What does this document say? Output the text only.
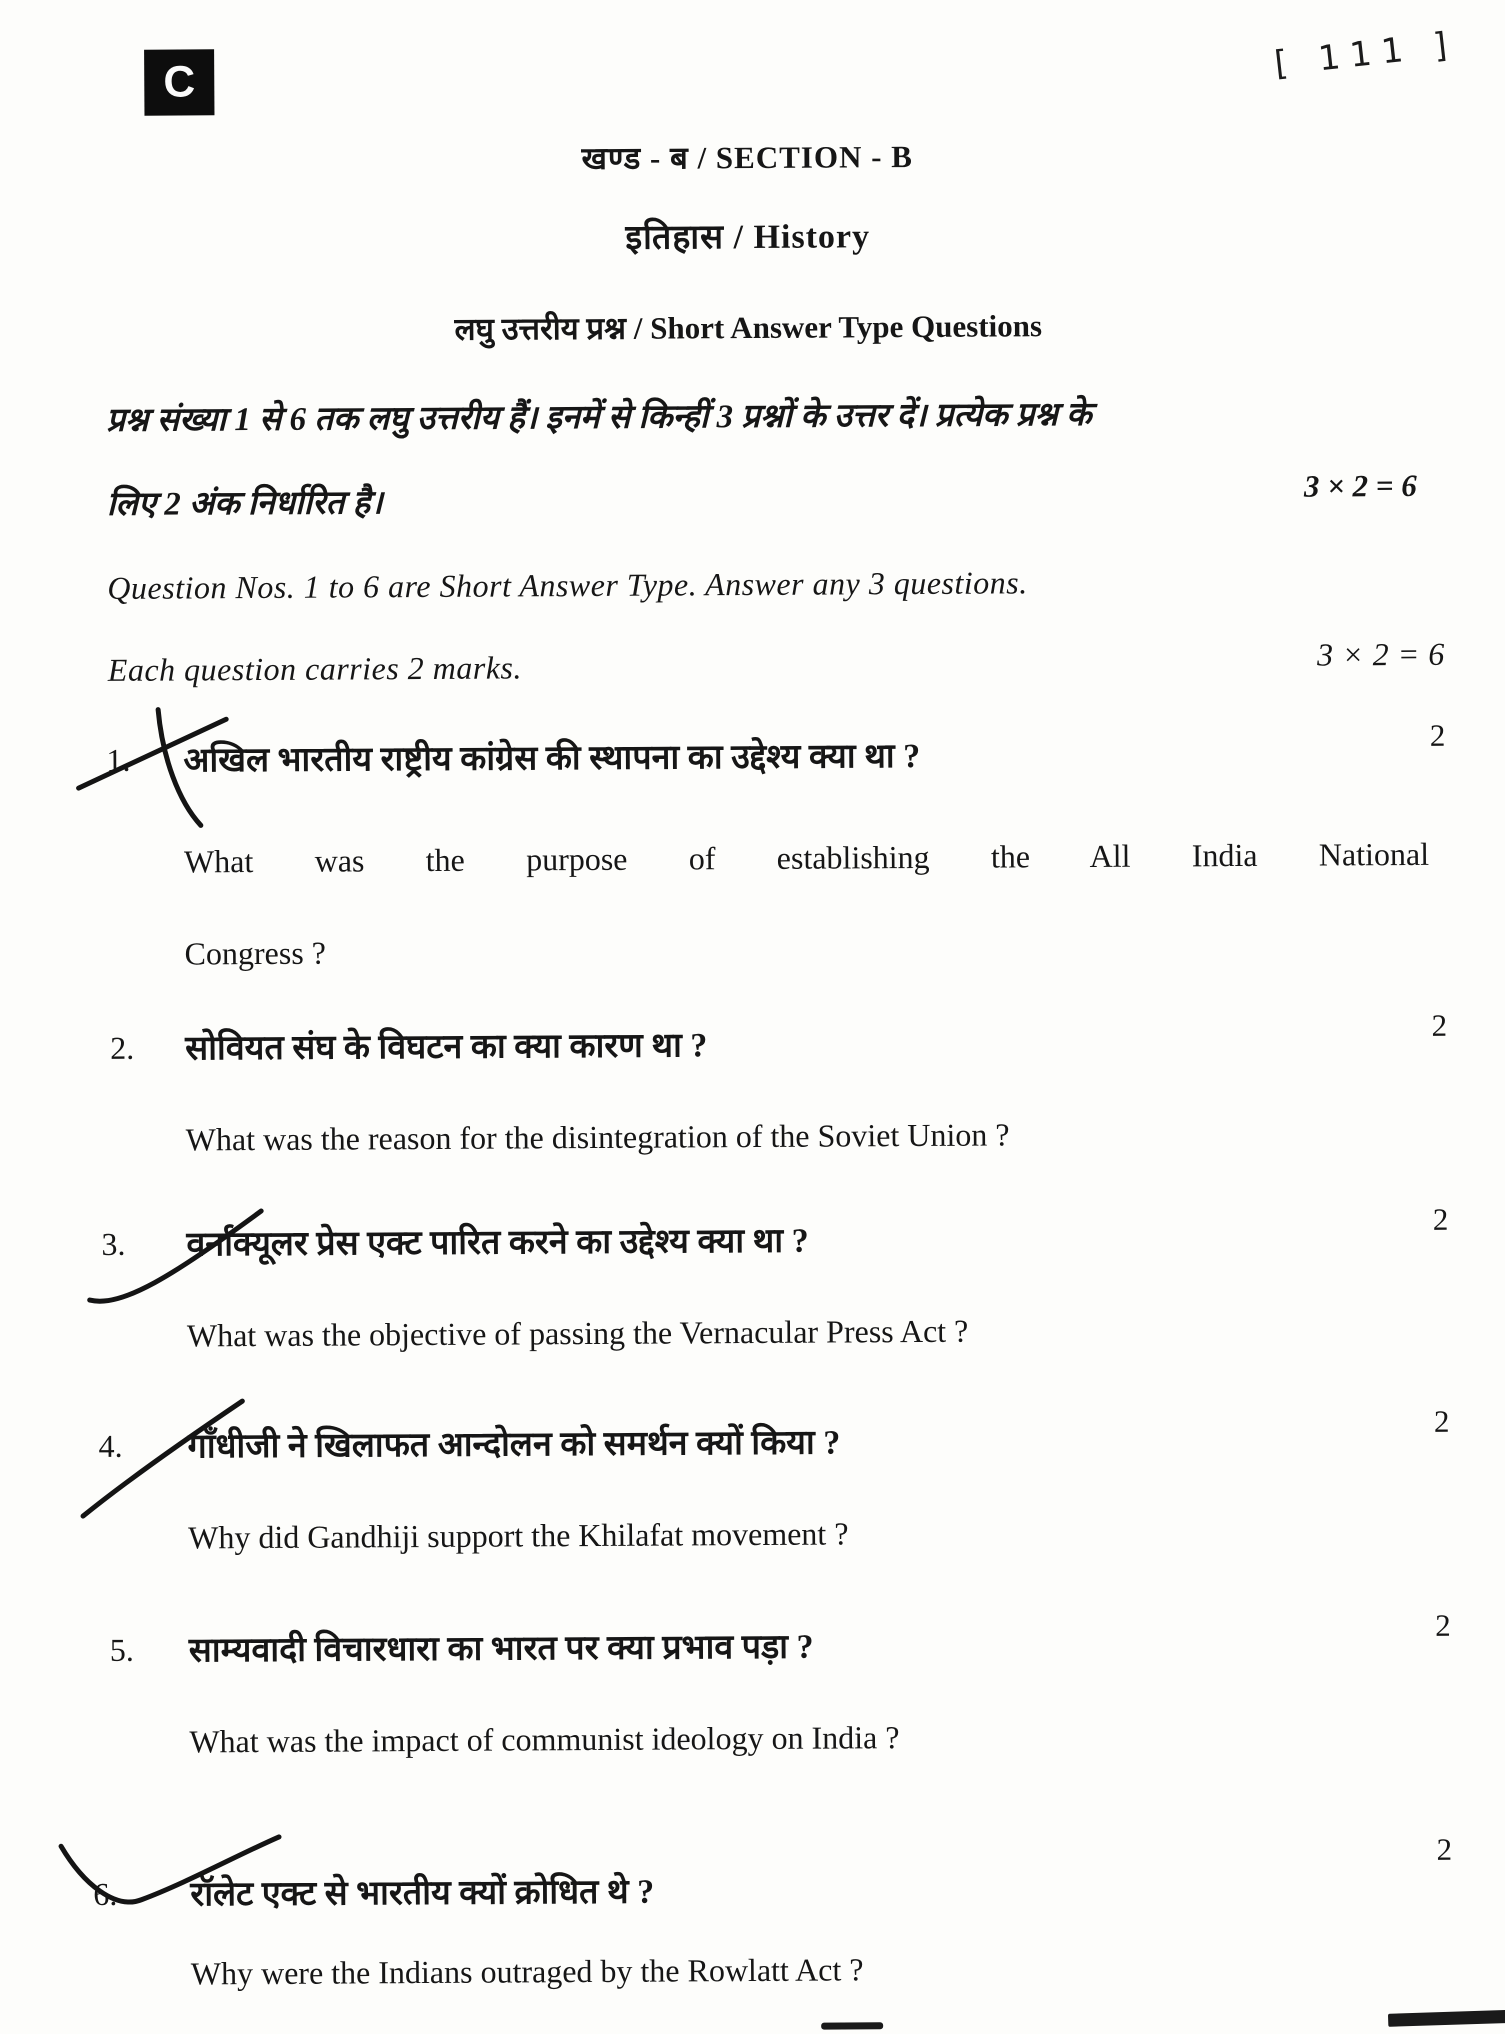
C	[ 111 ]
खण्ड - ब / SECTION - B
इतिहास / History
लघु उत्तरीय प्रश्न / Short Answer Type Questions
प्रश्न संख्या 1 से 6 तक लघु उत्तरीय हैं। इनमें से किन्हीं 3 प्रश्नों के उत्तर दें। प्रत्येक प्रश्न के
लिए 2 अंक निर्धारित है।	3 × 2 = 6
Question Nos. 1 to 6 are Short Answer Type. Answer any 3 questions.
Each question carries 2 marks.	3 × 2 = 6
1. अखिल भारतीय राष्ट्रीय कांग्रेस की स्थापना का उद्देश्य क्या था ?
2
What was the purpose of establishing the All India National
Congress ?
2. सोवियत संघ के विघटन का क्या कारण था ?
2
What was the reason for the disintegration of the Soviet Union ?
3. वर्नाक्यूलर प्रेस एक्ट पारित करने का उद्देश्य क्या था ?
2
What was the objective of passing the Vernacular Press Act ?
4. गाँधीजी ने खिलाफत आन्दोलन को समर्थन क्यों किया ?
2
Why did Gandhiji support the Khilafat movement ?
5. साम्यवादी विचारधारा का भारत पर क्या प्रभाव पड़ा ?
2
What was the impact of communist ideology on India ?
6. रॉलेट एक्ट से भारतीय क्यों क्रोधित थे ?
2
Why were the Indians outraged by the Rowlatt Act ?
